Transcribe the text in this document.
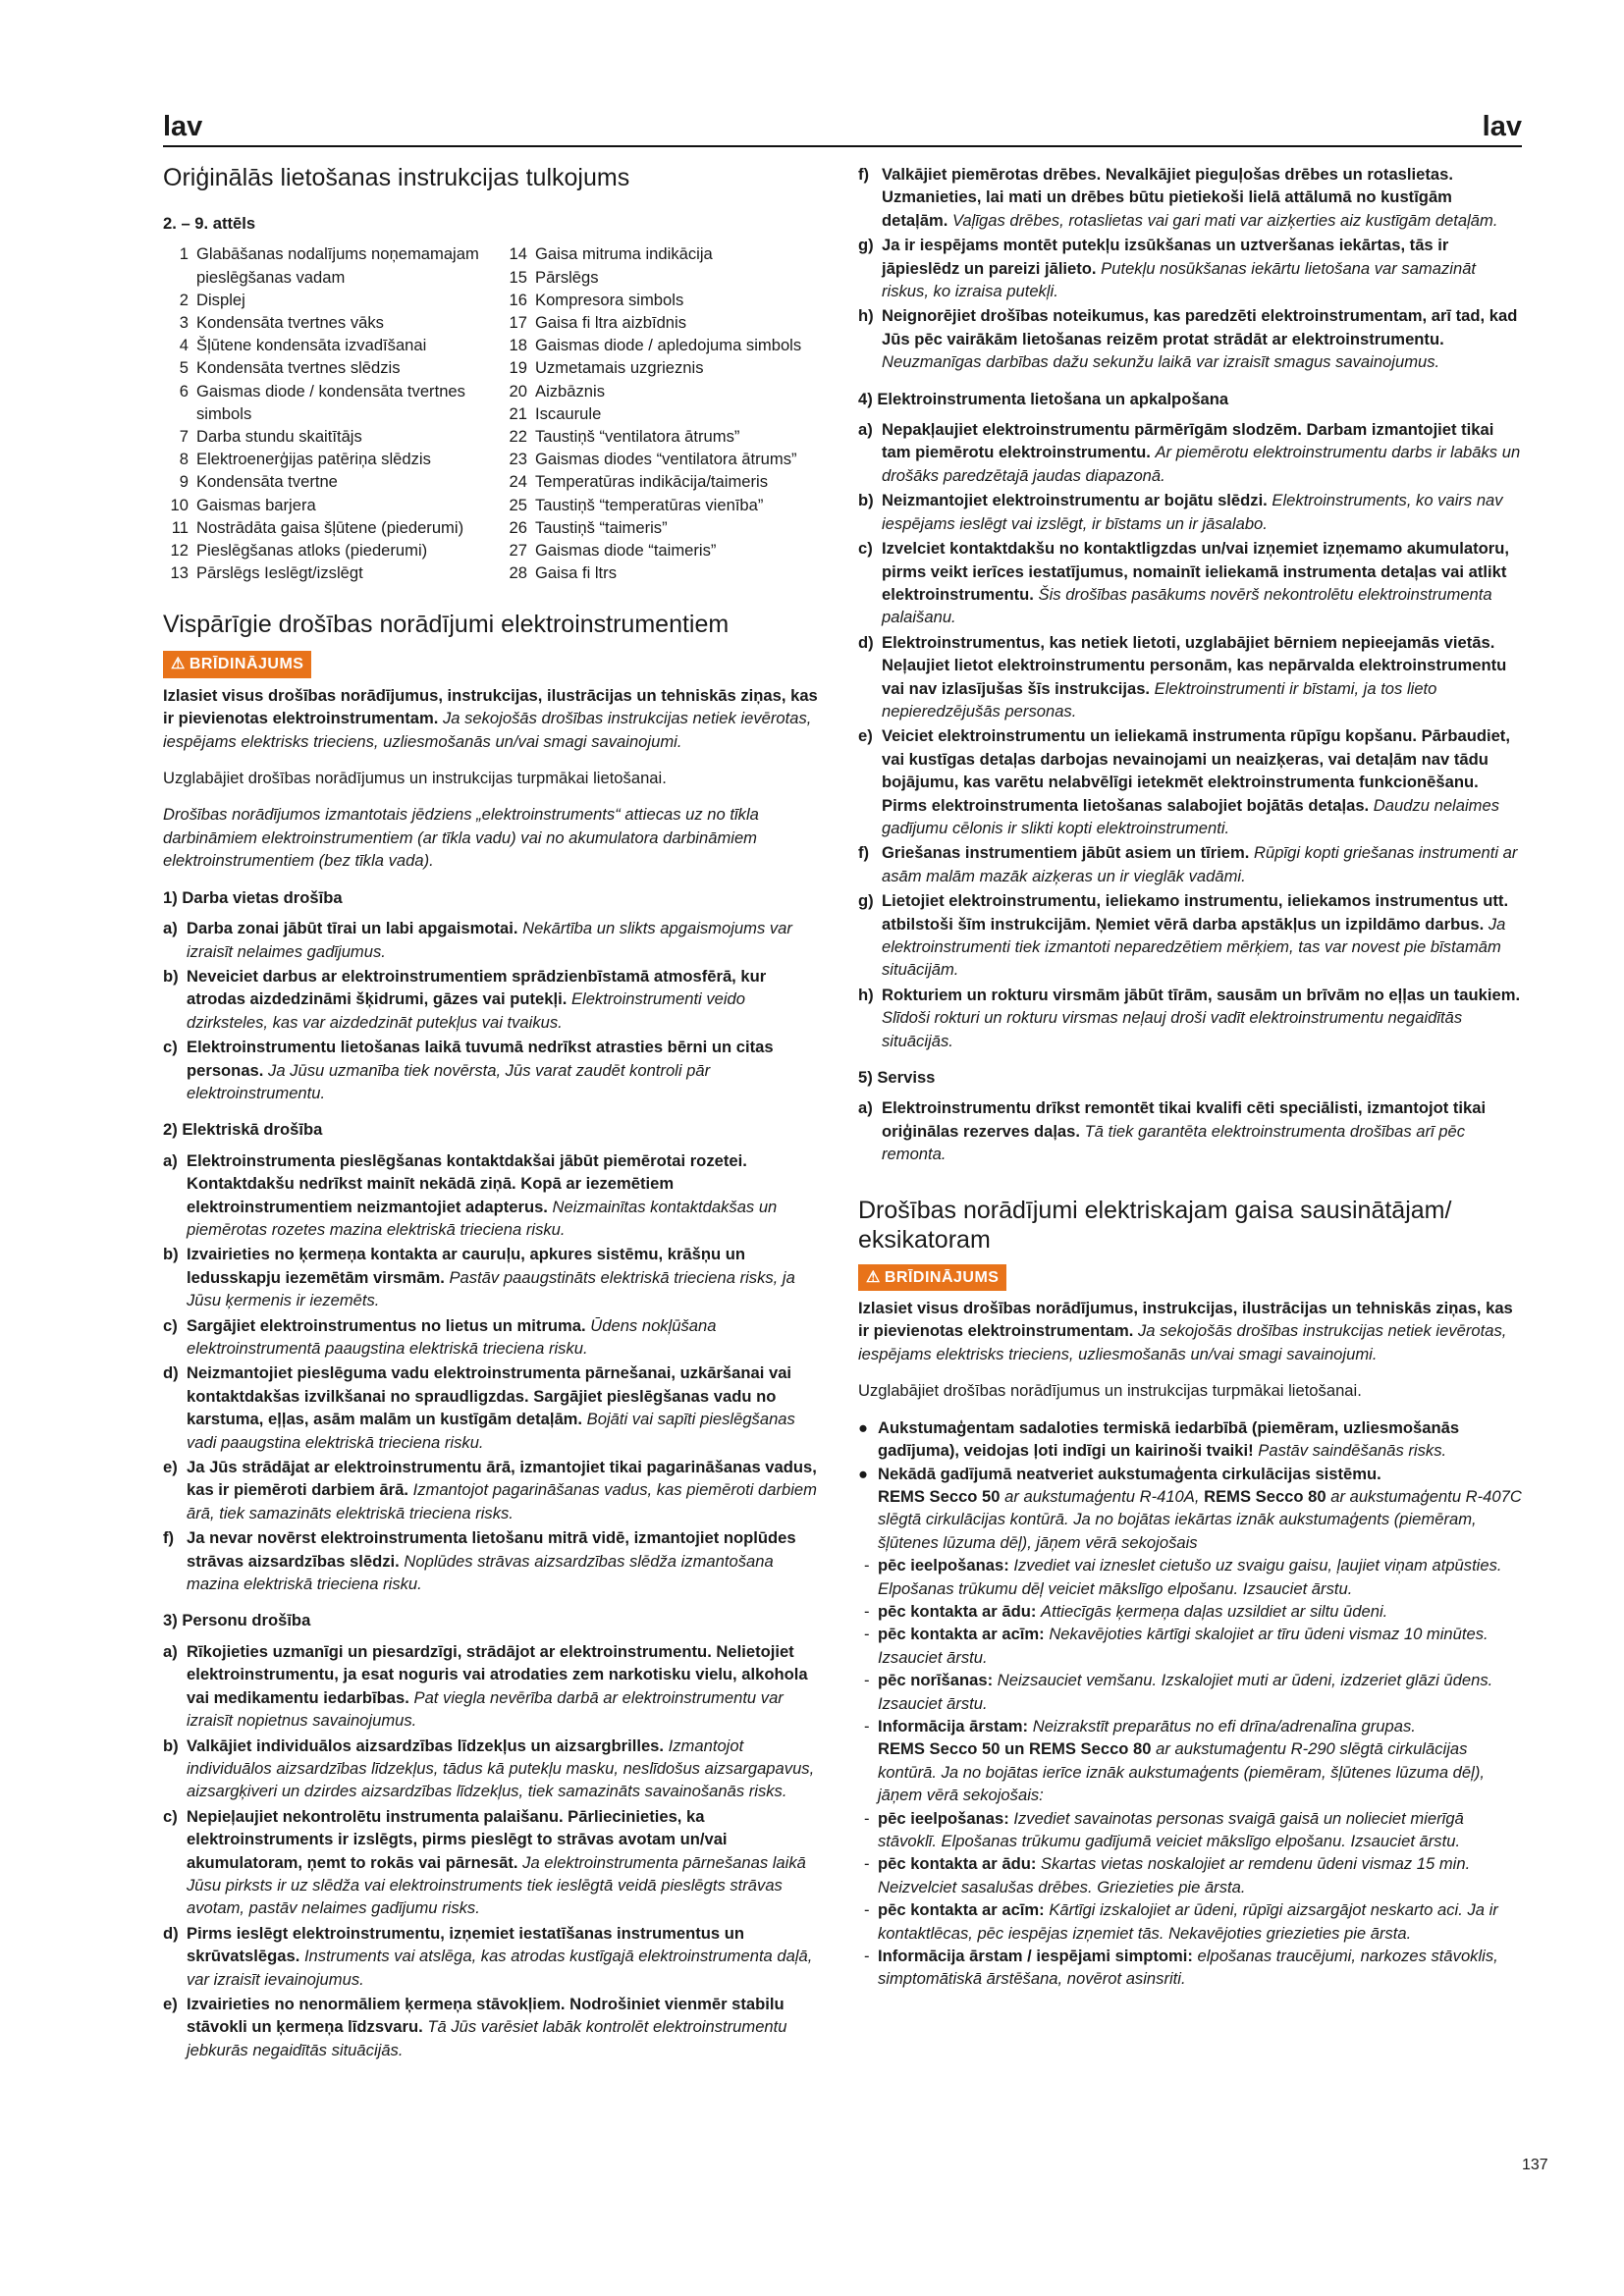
lav	lav
Oriģinālās lietošanas instrukcijas tulkojums
2. – 9. attēls
1 Glabāšanas nodalījums noņemamajam pieslēgšanas vadam
2 Displej
3 Kondensāta tvertnes vāks
4 Šļūtene kondensāta izvadīšanai
5 Kondensāta tvertnes slēdzis
6 Gaismas diode / kondensāta tvertnes simbols
7 Darba stundu skaitītājs
8 Elektroenerģijas patēriņa slēdzis
9 Kondensāta tvertne
10 Gaismas barjera
11 Nostrādāta gaisa šļūtene (piederumi)
12 Pieslēgšanas atloks (piederumi)
13 Pārslēgs Ieslēgt/izslēgt
14 Gaisa mitruma indikācija
15 Pārslēgs
16 Kompresora simbols
17 Gaisa fi ltra aizbīdnis
18 Gaismas diode / apledojuma simbols
19 Uzmetamais uzgrieznis
20 Aizbāznis
21 Iscaurule
22 Taustiņš “ventilatora ātrums”
23 Gaismas diodes “ventilatora ātrums”
24 Temperatūras indikācija/taimeris
25 Taustiņš “temperatūras vienība”
26 Taustiņš “taimeris”
27 Gaismas diode “taimeris”
28 Gaisa fi ltrs
Vispārīgie drošības norādījumi elektroinstrumentiem
⚠ BRĪDINĀJUMS

Izlasiet visus drošības norādījumus, instrukcijas, ilustrācijas un tehniskās ziņas, kas ir pievienotas elektroinstrumentam. Ja sekojošās drošības instrukcijas netiek ievērotas, iespējams elektrisks trieciens, uzliesmošanās un/vai smagi savainojumi.

Uzglabājiet drošības norādījumus un instrukcijas turpmākai lietošanai.

Drošības norādījumos izmantotais jēdziens „elektroinstruments“ attiecas uz no tīkla darbināmiem elektroinstrumentiem (ar tīkla vadu) vai no akumulatora darbināmiem elektroinstrumentiem (bez tīkla vada).

1) Darba vietas drošība
a) Darba zonai jābūt tīrai un labi apgaismotai. Nekārtība un slikts apgaismojums var izraisīt nelaimes gadījumus.
b) Neveiciet darbus ar elektroinstrumentiem sprādzienbīstamā atmosfērā, kur atrodas aizdedzināmi šķidrumi, gāzes vai putekļi. Elektroinstrumenti veido dzirksteles, kas var aizdedzināt putekļus vai tvaikus.
c) Elektroinstrumentu lietošanas laikā tuvumā nedrīkst atrasties bērni un citas personas. Ja Jūsu uzmanība tiek novērsta, Jūs varat zaudēt kontroli pār elektroinstrumentu.
2) Elektriskā drošība
a) Elektroinstrumenta pieslēgšanas kontaktdakšai jābūt piemērotai rozetei. Kontaktdakšu nedrīkst mainīt nekādā ziņā. Kopā ar iezemētiem elektroinstrumentiem neizmantojiet adapterus. Neizmainītas kontaktdakšas un piemērotas rozetes mazina elektriskā trieciena risku.
b) Izvairieties no ķermeņa kontakta ar cauruļu, apkures sistēmu, krāšņu un ledusskapju iezemētām virsmām. Pastāv paaugstināts elektriskā trieciena risks, ja Jūsu ķermenis ir iezemēts.
c) Sargājiet elektroinstrumentus no lietus un mitruma. Ūdens nokļūšana elektroinstrumentā paaugstina elektriskā trieciena risku.
d) Neizmantojiet pieslēguma vadu elektroinstrumenta pārnešanai, uzkāršanai vai kontaktdakšas izvilkšanai no spraudligzdas. Sargājiet pieslēgšanas vadu no karstuma, eļļas, asām malām un kustīgām detaļām. Bojāti vai sapīti pieslēgšanas vadi paaugstina elektriskā trieciena risku.
e) Ja Jūs strādājat ar elektroinstrumentu ārā, izmantojiet tikai pagarināšanas vadus, kas ir piemēroti darbiem ārā. Izmantojot pagarināšanas vadus, kas piemēroti darbiem ārā, tiek samazināts elektriskā trieciena risks.
f) Ja nevar novērst elektroinstrumenta lietošanu mitrā vidē, izmantojiet noplūdes strāvas aizsardzības slēdzi. Noplūdes strāvas aizsardzības slēdža izmantošana mazina elektriskā trieciena risku.
3) Personu drošība
a) Rīkojieties uzmanīgi un piesardzīgi, strādājot ar elektroinstrumentu. Nelietojiet elektroinstrumentu, ja esat noguris vai atrodaties zem narkotisku vielu, alkohola vai medikamentu iedarbības. Pat viegla nevērība darbā ar elektroinstrumentu var izraisīt nopietnus savainojumus.
b) Valkājiet individuālos aizsardzības līdzekļus un aizsargbrilles. Izmantojot individuālos aizsardzības līdzekļus, tādus kā putekļu masku, neslīdošus aizsargapavus, aizsargķiveri un dzirdes aizsardzības līdzekļus, tiek samazināts savainošanās risks.
c) Nepieļaujiet nekontrolētu instrumenta palaišanu. Pārliecinieties, ka elektroinstruments ir izslēgts, pirms pieslēgt to strāvas avotam un/vai akumulatoram, ņemt to rokās vai pārnesāt. Ja elektroinstrumenta pārnešanas laikā Jūsu pirksts ir uz slēdža vai elektroinstruments tiek ieslēgtā veidā pieslēgts strāvas avotam, pastāv nelaimes gadījumu risks.
d) Pirms ieslēgt elektroinstrumentu, izņemiet iestatīšanas instrumentus un skrūvatslēgas. Instruments vai atslēga, kas atrodas kustīgajā elektroinstrumenta daļā, var izraisīt ievainojumus.
e) Izvairieties no nenormāliem ķermeņa stāvokļiem. Nodrošiniet vienmēr stabilu stāvokli un ķermeņa līdzsvaru. Tā Jūs varēsiet labāk kontrolēt elektroinstrumentu jebkurās negaidītās situācijās.
f) Valkājiet piemērotas drēbes. Nevalkājiet pieguļošas drēbes un rotaslietas. Uzmanieties, lai mati un drēbes būtu pietiekoši lielā attālumā no kustīgām detaļām. Vaļīgas drēbes, rotaslietas vai gari mati var aizķerties aiz kustīgām detaļām.
g) Ja ir iespējams montēt putekļu izsūkšanas un uztveršanas iekārtas, tās ir jāpieslēdz un pareizi jālieto. Putekļu nosūkšanas iekārtu lietošana var samazināt riskus, ko izraisa putekļi.
h) Neignorējiet drošības noteikumus, kas paredzēti elektroinstrumentam, arī tad, kad Jūs pēc vairākām lietošanas reizēm protat strādāt ar elektroinstrumentu. Neuzmanīgas darbības dažu sekunžu laikā var izraisīt smagus savainojumus.
4) Elektroinstrumenta lietošana un apkalpošana
a) Nepakļaujiet elektroinstrumentu pārmērīgām slodzēm. Darbam izmantojiet tikai tam piemērotu elektroinstrumentu. Ar piemērotu elektroinstrumentu darbs ir labāks un drošāks paredzētajā jaudas diapazonā.
b) Neizmantojiet elektroinstrumentu ar bojātu slēdzi. Elektroinstruments, ko vairs nav iespējams ieslēgt vai izslēgt, ir bīstams un ir jāsalabo.
c) Izvelciet kontaktdakšu no kontaktligzdas un/vai izņemiet izņemamo akumulatoru, pirms veikt ierīces iestatījumus, nomainīt ieliekamā instrumenta detaļas vai atlikt elektroinstrumentu. Šis drošības pasākums novērš nekontrolētu elektroinstrumenta palaišanu.
d) Elektroinstrumentus, kas netiek lietoti, uzglabājiet bērniem nepieejamās vietās. Neļaujiet lietot elektroinstrumentu personām, kas nepārvalda elektroinstrumentu vai nav izlasījušas šīs instrukcijas. Elektroinstrumenti ir bīstami, ja tos lieto nepieredzējušās personas.
e) Veiciet elektroinstrumentu un ieliekamā instrumenta rūpīgu kopšanu. Pārbaudiet, vai kustīgas detaļas darbojas nevainojami un neaizķeras, vai detaļām nav tādu bojājumu, kas varētu nelabvēlīgi ietekmēt elektroinstrumenta funkcionēšanu. Pirms elektroinstrumenta lietošanas salabojiet bojātās detaļas. Daudzu nelaimes gadījumu cēlonis ir slikti kopti elektroinstrumenti.
f) Griešanas instrumentiem jābūt asiem un tīriem. Rūpīgi kopti griešanas instrumenti ar asām malām mazāk aizķeras un ir vieglāk vadāmi.
g) Lietojiet elektroinstrumentu, ieliekamo instrumentu, ieliekamos instrumentus utt. atbilstoši šīm instrukcijām. Ņemiet vērā darba apstākļus un izpildāmo darbus. Ja elektroinstrumenti tiek izmantoti neparedzētiem mērķiem, tas var novest pie bīstamām situācijām.
h) Rokturiem un rokturu virsmām jābūt tīrām, sausām un brīvām no eļļas un taukiem. Slīdoši rokturi un rokturu virsmas neļauj droši vadīt elektroinstrumentu negaidītās situācijās.
5) Serviss
a) Elektroinstrumentu drīkst remontēt tikai kvalifi cēti speciālisti, izmantojot tikai oriģinālas rezerves daļas. Tā tiek garantēta elektroinstrumenta drošības arī pēc remonta.
Drošības norādījumi elektriskajam gaisa sausinātājam/ eksikatoram
⚠ BRĪDINĀJUMS

Izlasiet visus drošības norādījumus, instrukcijas, ilustrācijas un tehniskās ziņas, kas ir pievienotas elektroinstrumentam. Ja sekojošās drošības instrukcijas netiek ievērotas, iespējams elektrisks trieciens, uzliesmošanās un/vai smagi savainojumi.

Uzglabājiet drošības norādījumus un instrukcijas turpmākai lietošanai.

● Aukstumaģentam sadaloties termiskā iedarbībā (piemēram, uzliesmošanās gadījuma), veidojas ļoti indīgi un kairinoši tvaiki! Pastāv saindēšanās risks.
● Nekādā gadījumā neatveriet aukstumaģenta cirkulācijas sistēmu.
REMS Secco 50 ar aukstumaģentu R-410A, REMS Secco 80 ar aukstumaģentu R-407C slēgtā cirkulācijas kontūrā. Ja no bojātas iekārtas iznāk aukstumaģents (piemēram, šļūtenes lūzuma dēļ), jāņem vērā sekojošais
- pēc ieelpošanas: Izvediet vai izneslet cietušo uz svaigu gaisu, ļaujiet viņam atpūsties. Elpošanas trūkumu dēļ veiciet mākslīgo elpošanu. Izsauciet ārstu.
- pēc kontakta ar ādu: Attiecīgās ķermeņa daļas uzsildiet ar siltu ūdeni.
- pēc kontakta ar acīm: Nekavējoties kārtīgi skalojiet ar tīru ūdeni vismaz 10 minūtes. Izsauciet ārstu.
- pēc norīšanas: Neizsauciet vemšanu. Izskalojiet muti ar ūdeni, izdzeriet glāzi ūdens. Izsauciet ārstu.
- Informācija ārstam: Neizrakstīt preparātus no efi drīna/adrenalīna grupas.
REMS Secco 50 un REMS Secco 80 ar aukstumaģentu R-290 slēgtā cirkulācijas kontūrā. Ja no bojātas ierīce iznāk aukstumaģents (piemēram, šļūtenes lūzuma dēļ), jāņem vērā sekojošais:
- pēc ieelpošanas: Izvediet savainotas personas svaigā gaisā un nolieciet mierīgā stāvoklī. Elpošanas trūkumu gadījumā veiciet mākslīgo elpošanu. Izsauciet ārstu.
- pēc kontakta ar ādu: Skartas vietas noskalojiet ar remdenu ūdeni vismaz 15 min. Neizvelciet sasalušas drēbes. Griezieties pie ārsta.
- pēc kontakta ar acīm: Kārtīgi izskalojiet ar ūdeni, rūpīgi aizsargājot neskarto aci. Ja ir kontaktlēcas, pēc iespējas izņemiet tās. Nekavējoties griezieties pie ārsta.
- Informācija ārstam / iespējami simptomi: elpošanas traucējumi, narkozes stāvoklis, simptomātiskā ārstēšana, novērot asinsriti.
137
